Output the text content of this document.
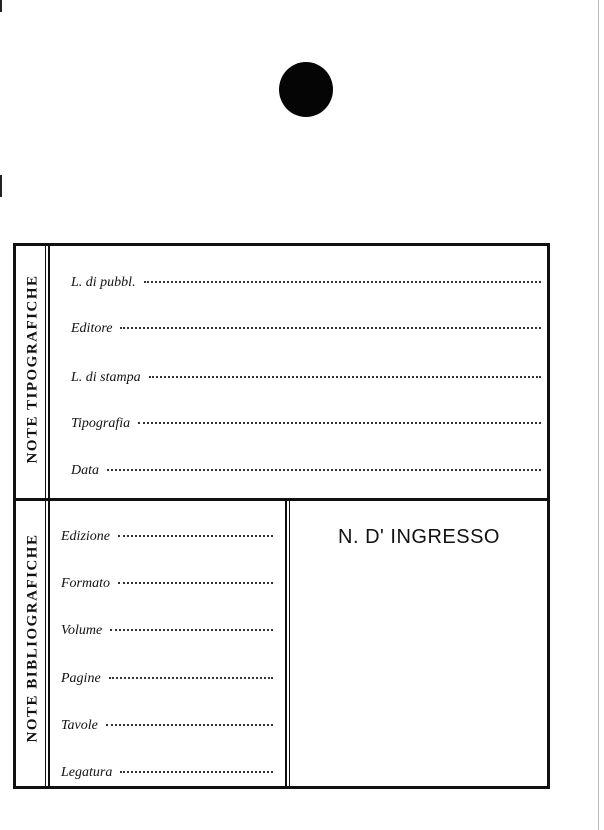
NOTE TIPOGRAFICHE L. di pubbl.
Editore
L. di stampa
Tipografia
Data
NOTE BIBLIOGRAFICHE Edizione
Formato
Volume
Pagine
Tavole
Legatura
N. D' INGRESSO
